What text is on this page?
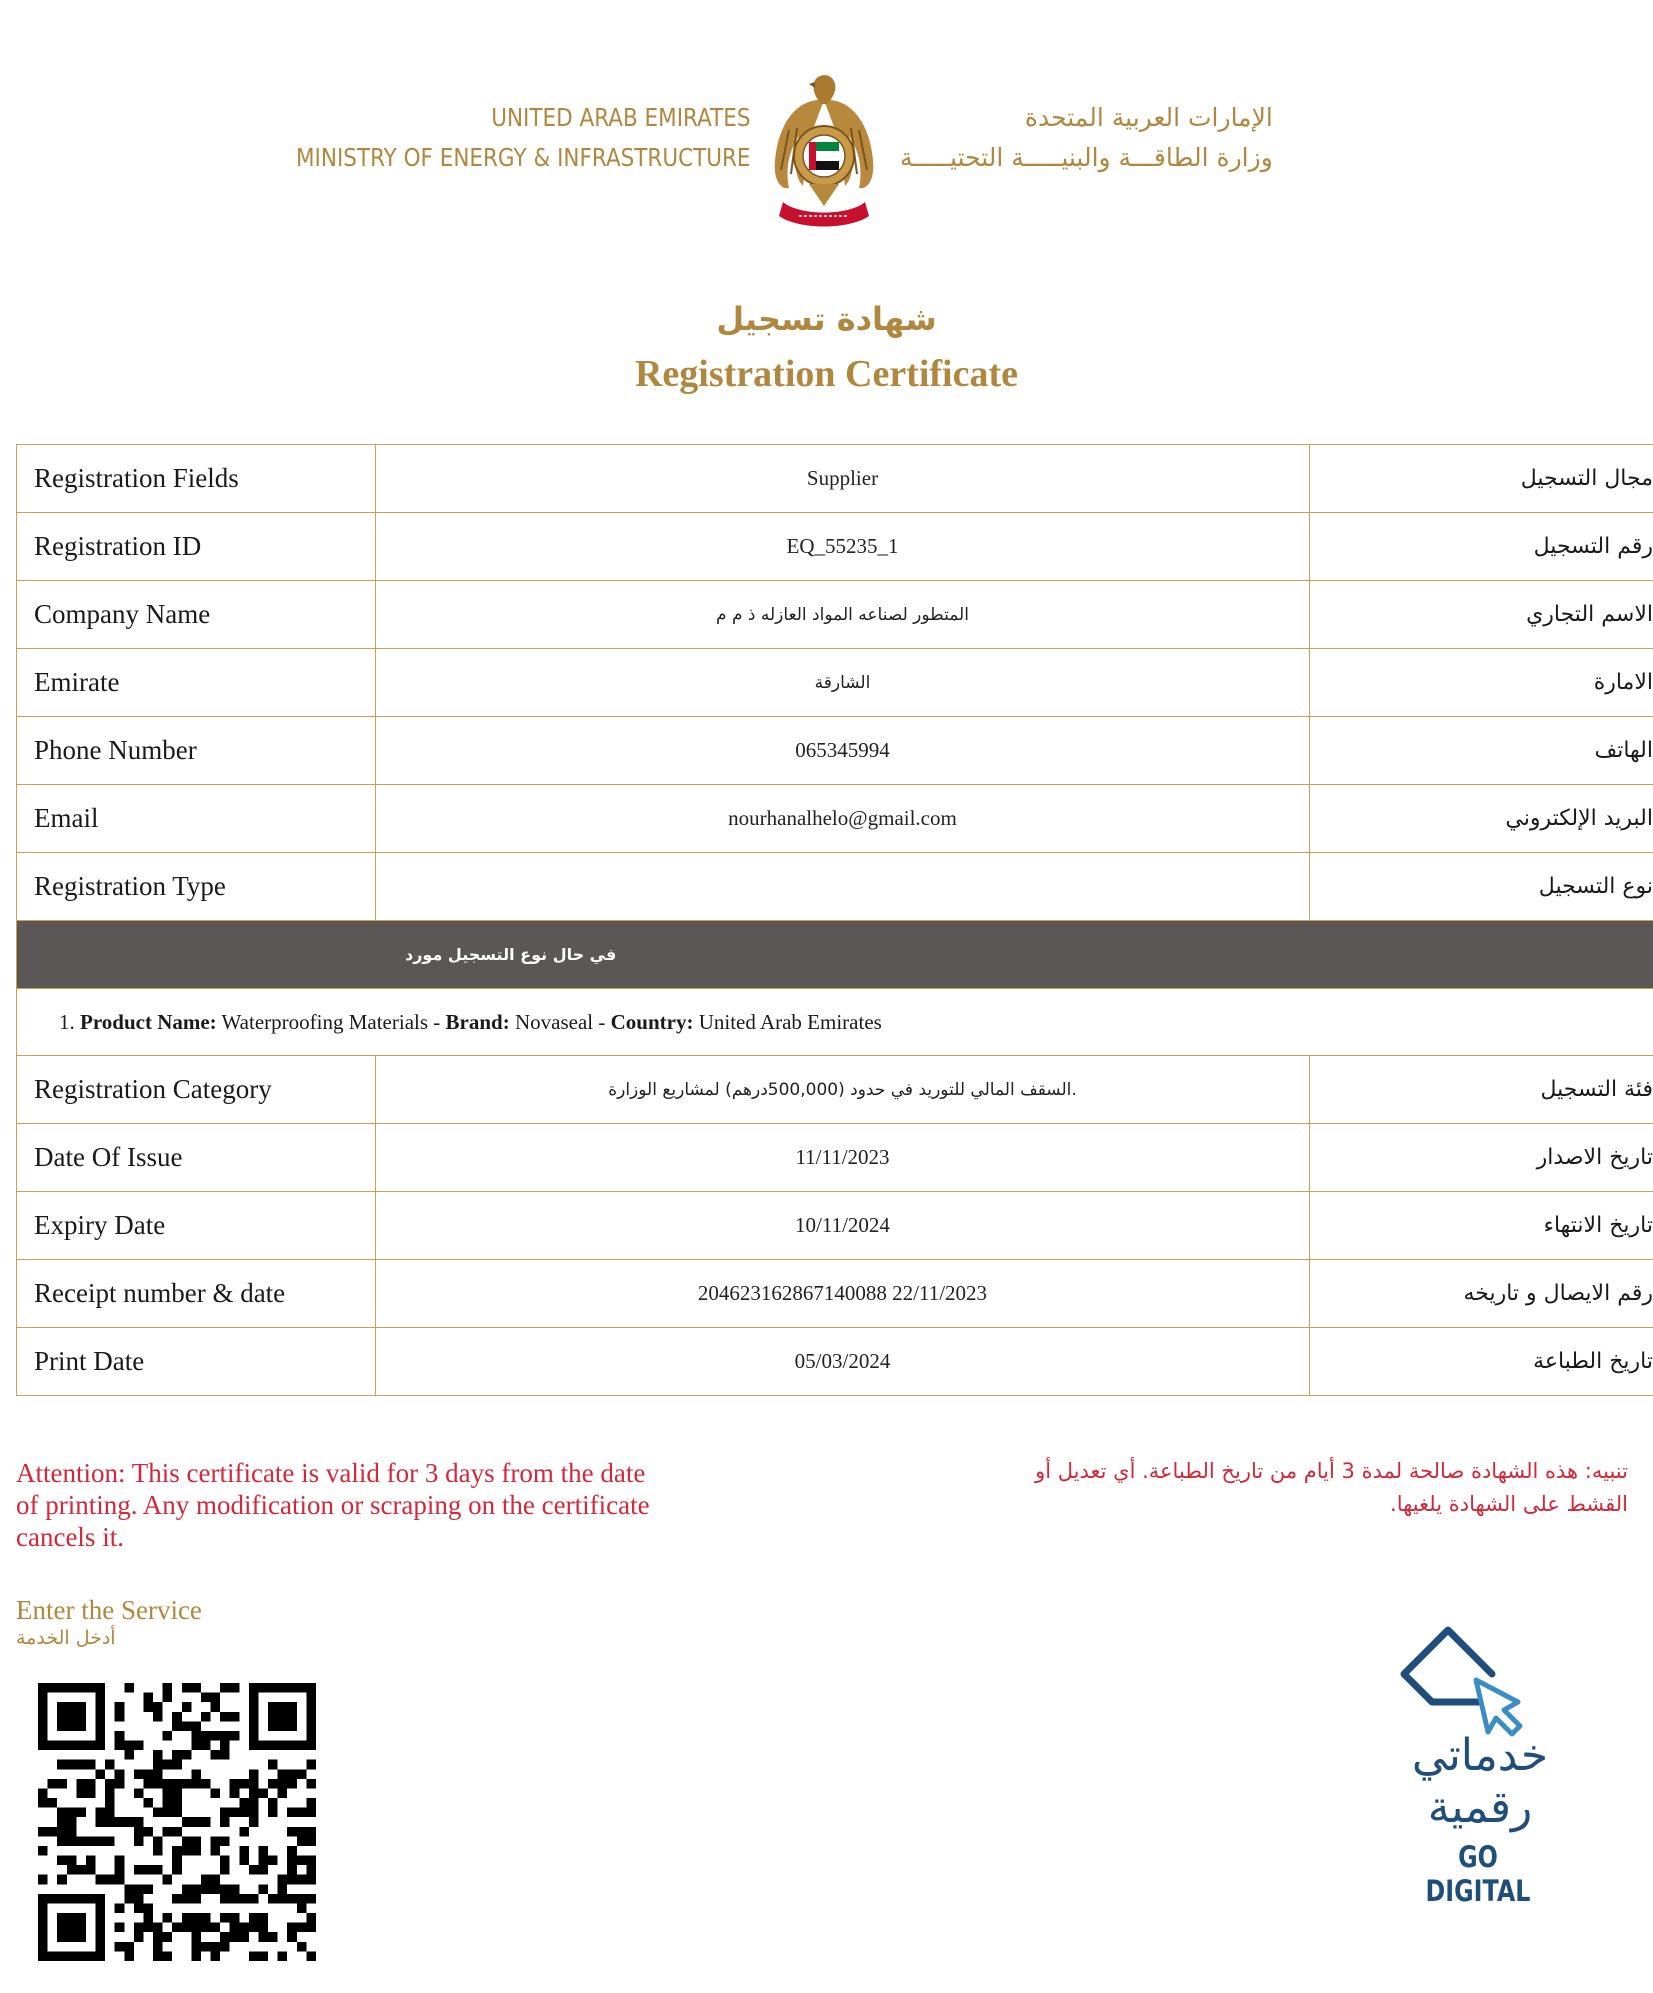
UNITED ARAB EMIRATES
MINISTRY OF ENERGY & INFRASTRUCTURE
الإمارات العربية المتحدة
وزارة الطاقـــة والبنيـــــة التحتيـــــة
شهادة تسجيل
Registration Certificate
Registration Fields	Supplier	مجال التسجيل
Registration ID	EQ_55235_1	رقم التسجيل
Company Name	المتطور لصناعه المواد العازله ذ م م	الاسم التجاري
Emirate	الشارقة	الامارة
Phone Number	065345994	الهاتف
Email	nourhanalhelo@gmail.com	البريد الإلكتروني
Registration Type		نوع التسجيل
في حال نوع التسجيل مورد		
1. Product Name: Waterproofing Materials - Brand: Novaseal - Country: United Arab Emirates		
Registration Category	.السقف المالي للتوريد في حدود (500,000درهم) لمشاريع الوزارة	فئة التسجيل
Date Of Issue	11/11/2023	تاريخ الاصدار
Expiry Date	10/11/2024	تاريخ الانتهاء
Receipt number & date	204623162867140088 22/11/2023	رقم الايصال و تاريخه
Print Date	05/03/2024	تاريخ الطباعة
Attention: This certificate is valid for 3 days from the date of printing. Any modification or scraping on the certificate cancels it.
تنبيه: هذه الشهادة صالحة لمدة 3 أيام من تاريخ الطباعة. أي تعديل أو القشط على الشهادة يلغيها.
Enter the Service
أدخل الخدمة
خدماتي
رقمية
GO DIGITAL
